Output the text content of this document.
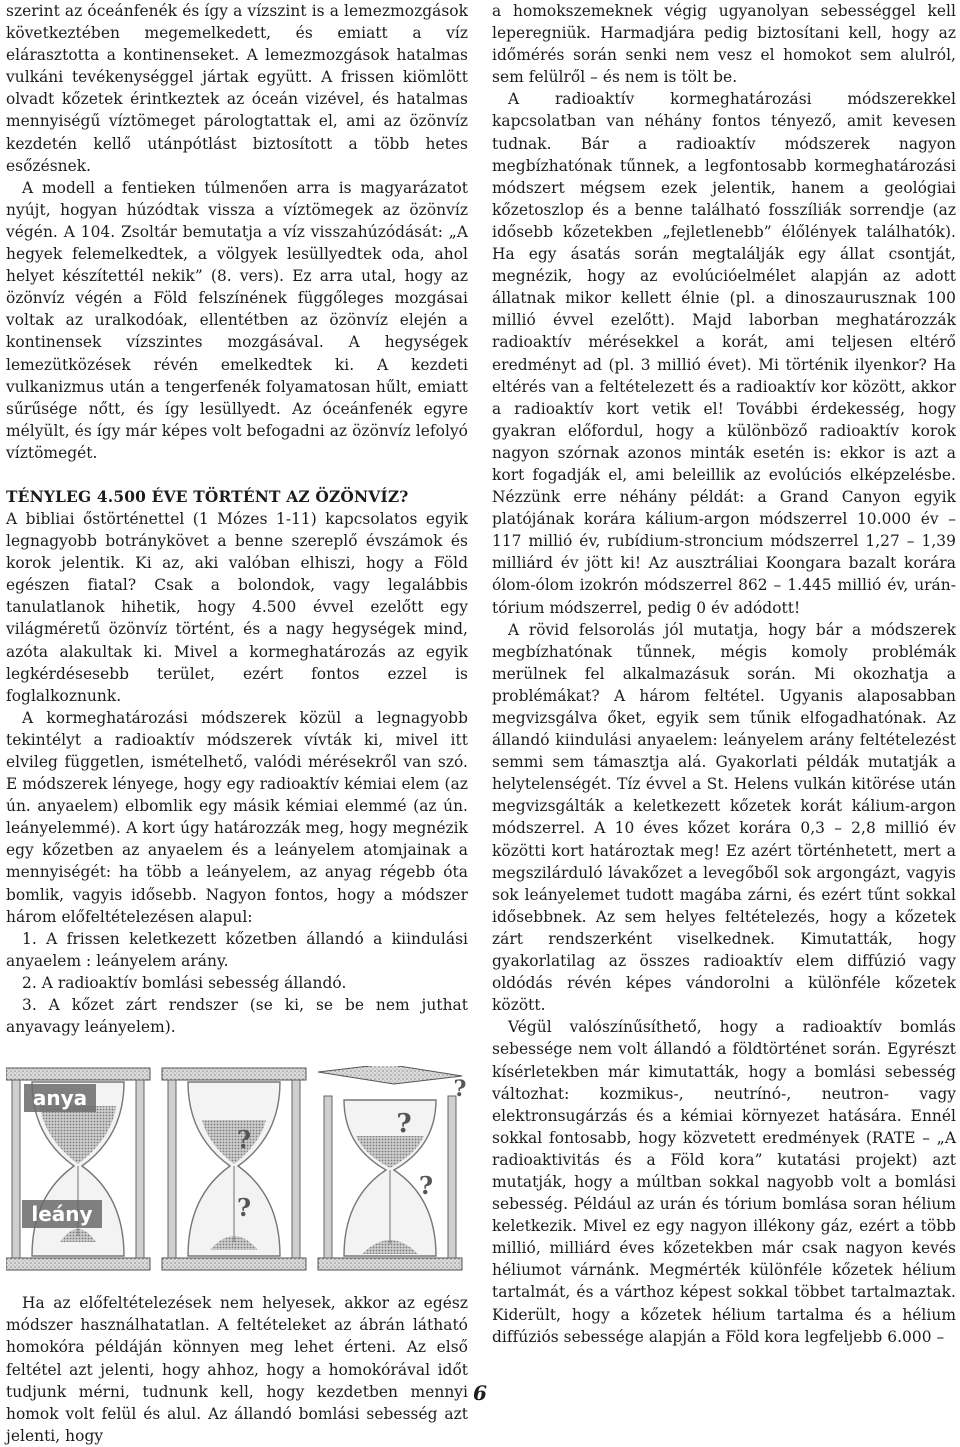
szerint az óceánfenék és így a vízszint is a lemezmozgások következtében megemelkedett, és emiatt a víz elárasztotta a kontinenseket. A lemezmozgások hatalmas vulkáni tevékenységgel jártak együtt. A frissen kiömlött olvadt kőzetek érintkeztek az óceán vizével, és hatalmas mennyiségű víztömeget párologtattak el, ami az özönvíz kezdetén kellő utánpótlást biztosított a több hetes esőzésnek.

A modell a fentieken túlmenően arra is magyarázatot nyújt, hogyan húzódtak vissza a víztömegek az özönvíz végén. A 104. Zsoltár bemutatja a víz visszahúzódását: „A hegyek felemelkedtek, a völgyek lesüllyedtek oda, ahol helyet készítettél nekik” (8. vers). Ez arra utal, hogy az özönvíz végén a Föld felszínének függőleges mozgásai voltak az uralkodóak, ellentétben az özönvíz elején a kontinensek vízszintes mozgásával. A hegységek lemezütközések révén emelkedtek ki. A kezdeti vulkanizmus után a tengerfenék folyamatosan hűlt, emiatt sűrűsége nőtt, és így lesüllyedt. Az óceánfenék egyre mélyült, és így már képes volt befogadni az özönvíz lefolyó víztömegét.

TÉNYLEG 4.500 ÉVE TÖRTÉNT AZ ÖZÖNVÍZ?

A bibliai őstörténettel (1 Mózes 1-11) kapcsolatos egyik legnagyobb botránykövet a benne szereplő évszámok és korok jelentik. Ki az, aki valóban elhiszi, hogy a Föld egészen fiatal? Csak a bolondok, vagy legalábbis tanulatlanok hihetik, hogy 4.500 évvel ezelőtt egy világméretű özönvíz történt, és a nagy hegységek mind, azóta alakultak ki. Mivel a kormeghatározás az egyik legkérdésesebb terület, ezért fontos ezzel is foglalkoznunk.

A kormeghatározási módszerek közül a legnagyobb tekintélyt a radioaktív módszerek vívták ki, mivel itt elvileg független, ismételhető, valódi mérésekről van szó. E módszerek lényege, hogy egy radioaktív kémiai elem (az ún. anyaelem) elbomlik egy másik kémiai elemmé (az ún. leányelemmé). A kort úgy határozzák meg, hogy megnézik egy kőzetben az anyaelem és a leányelem atomjainak a mennyiségét: ha több a leányelem, az anyag régebb óta bomlik, vagyis idősebb. Nagyon fontos, hogy a módszer három előfeltételezésen alapul:

1. A frissen keletkezett kőzetben állandó a kiindulási anyaelem : leányelem arány.

2. A radioaktív bomlási sebesség állandó.

3. A kőzet zárt rendszer (se ki, se be nem juthat anyavagy leányelem).

anya
leány
?
?
?
?
?

Ha az előfeltételezések nem helyesek, akkor az egész módszer használhatatlan. A feltételeket az ábrán látható homokóra példáján könnyen meg lehet érteni. Az első feltétel azt jelenti, hogy ahhoz, hogy a homokórával időt tudjunk mérni, tudnunk kell, hogy kezdetben mennyi homok volt felül és alul. Az állandó bomlási sebesség azt jelenti, hogy

a homokszemeknek végig ugyanolyan sebességgel kell leperegniük. Harmadjára pedig biztosítani kell, hogy az időmérés során senki nem vesz el homokot sem alulról, sem felülről – és nem is tölt be.

A radioaktív kormeghatározási módszerekkel kapcsolatban van néhány fontos tényező, amit kevesen tudnak. Bár a radioaktív módszerek nagyon megbízhatónak tűnnek, a legfontosabb kormeghatározási módszert mégsem ezek jelentik, hanem a geológiai kőzetoszlop és a benne található fosszíliák sorrendje (az idősebb kőzetekben „fejletlenebb” élőlények találhatók). Ha egy ásatás során megtalálják egy állat csontját, megnézik, hogy az evolúcióelmélet alapján az adott állatnak mikor kellett élnie (pl. a dinoszaurusznak 100 millió évvel ezelőtt). Majd laborban meghatározzák radioaktív mérésekkel a korát, ami teljesen eltérő eredményt ad (pl. 3 millió évet). Mi történik ilyenkor? Ha eltérés van a feltételezett és a radioaktív kor között, akkor a radioaktív kort vetik el! További érdekesség, hogy gyakran előfordul, hogy a különböző radioaktív korok nagyon szórnak azonos minták esetén is: ekkor is azt a kort fogadják el, ami beleillik az evolúciós elképzelésbe. Nézzünk erre néhány példát: a Grand Canyon egyik platójának korára kálium-argon módszerrel 10.000 év – 117 millió év, rubídium-stroncium módszerrel 1,27 – 1,39 milliárd év jött ki! Az ausztráliai Koongara bazalt korára ólom-ólom izokrón módszerrel 862 – 1.445 millió év, urán-tórium módszerrel, pedig 0 év adódott!

A rövid felsorolás jól mutatja, hogy bár a módszerek megbízhatónak tűnnek, mégis komoly problémák merülnek fel alkalmazásuk során. Mi okozhatja a problémákat? A három feltétel. Ugyanis alaposabban megvizsgálva őket, egyik sem tűnik elfogadhatónak. Az állandó kiindulási anyaelem: leányelem arány feltételezést semmi sem támasztja alá. Gyakorlati példák mutatják a helytelenségét. Tíz évvel a St. Helens vulkán kitörése után megvizsgálták a keletkezett kőzetek korát kálium-argon módszerrel. A 10 éves kőzet korára 0,3 – 2,8 millió év közötti kort határoztak meg! Ez azért történhetett, mert a megszilárduló lávakőzet a levegőből sok argongázt, vagyis sok leányelemet tudott magába zárni, és ezért tűnt sokkal idősebbnek. Az sem helyes feltételezés, hogy a kőzetek zárt rendszerként viselkednek. Kimutatták, hogy gyakorlatilag az összes radioaktív elem diffúzió vagy oldódás révén képes vándorolni a különféle kőzetek között.

Végül valószínűsíthető, hogy a radioaktív bomlás sebessége nem volt állandó a földtörténet során. Egyrészt kísérletekben már kimutatták, hogy a bomlási sebesség változhat: kozmikus-, neutrínó-, neutron- vagy elektronsugárzás és a kémiai környezet hatására. Ennél sokkal fontosabb, hogy közvetett eredmények (RATE – „A radioaktivitás és a Föld kora” kutatási projekt) azt mutatják, hogy a múltban sokkal nagyobb volt a bomlási sebesség. Például az urán és tórium bomlása soran hélium keletkezik. Mivel ez egy nagyon illékony gáz, ezért a több millió, milliárd éves kőzetekben már csak nagyon kevés héliumot várnánk. Megmérték különféle kőzetek hélium tartalmát, és a várthoz képest sokkal többet tartalmaztak. Kiderült, hogy a kőzetek hélium tartalma és a hélium diffúziós sebessége alapján a Föld kora legfeljebb 6.000 –

6
